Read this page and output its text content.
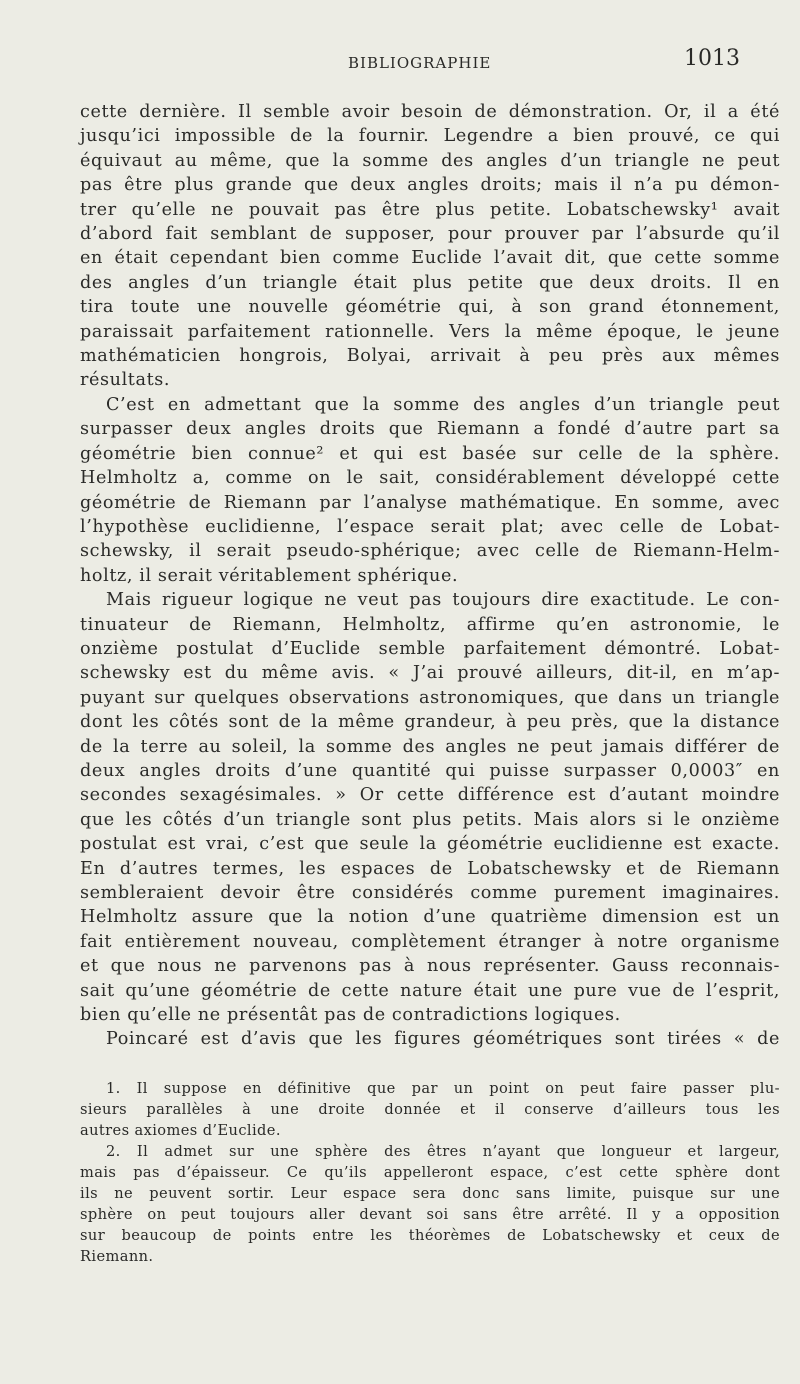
BIBLIOGRAPHIE	1013
cette dernière. Il semble avoir besoin de démonstration. Or, il a été
jusqu’ici impossible de la fournir. Legendre a bien prouvé, ce qui
équivaut au même, que la somme des angles d’un triangle ne peut
pas être plus grande que deux angles droits; mais il n’a pu démon-
trer qu’elle ne pouvait pas être plus petite. Lobatschewsky¹ avait
d’abord fait semblant de supposer, pour prouver par l’absurde qu’il
en était cependant bien comme Euclide l’avait dit, que cette somme
des angles d’un triangle était plus petite que deux droits. Il en
tira toute une nouvelle géométrie qui, à son grand étonnement,
paraissait parfaitement rationnelle. Vers la même époque, le jeune
mathématicien hongrois, Bolyai, arrivait à peu près aux mêmes
résultats.
C’est en admettant que la somme des angles d’un triangle peut
surpasser deux angles droits que Riemann a fondé d’autre part sa
géométrie bien connue² et qui est basée sur celle de la sphère.
Helmholtz a, comme on le sait, considérablement développé cette
géométrie de Riemann par l’analyse mathématique. En somme, avec
l’hypothèse euclidienne, l’espace serait plat; avec celle de Lobat-
schewsky, il serait pseudo-sphérique; avec celle de Riemann-Helm-
holtz, il serait véritablement sphérique.
Mais rigueur logique ne veut pas toujours dire exactitude. Le con-
tinuateur de Riemann, Helmholtz, affirme qu’en astronomie, le
onzième postulat d’Euclide semble parfaitement démontré. Lobat-
schewsky est du même avis. « J’ai prouvé ailleurs, dit-il, en m’ap-
puyant sur quelques observations astronomiques, que dans un triangle
dont les côtés sont de la même grandeur, à peu près, que la distance
de la terre au soleil, la somme des angles ne peut jamais différer de
deux angles droits d’une quantité qui puisse surpasser 0,0003″ en
secondes sexagésimales. » Or cette différence est d’autant moindre
que les côtés d’un triangle sont plus petits. Mais alors si le onzième
postulat est vrai, c’est que seule la géométrie euclidienne est exacte.
En d’autres termes, les espaces de Lobatschewsky et de Riemann
sembleraient devoir être considérés comme purement imaginaires.
Helmholtz assure que la notion d’une quatrième dimension est un
fait entièrement nouveau, complètement étranger à notre organisme
et que nous ne parvenons pas à nous représenter. Gauss reconnais-
sait qu’une géométrie de cette nature était une pure vue de l’esprit,
bien qu’elle ne présentât pas de contradictions logiques.
Poincaré est d’avis que les figures géométriques sont tirées « de
1. Il suppose en définitive que par un point on peut faire passer plu-
sieurs parallèles à une droite donnée et il conserve d’ailleurs tous les
autres axiomes d’Euclide.
2. Il admet sur une sphère des êtres n’ayant que longueur et largeur,
mais pas d’épaisseur. Ce qu’ils appelleront espace, c’est cette sphère dont
ils ne peuvent sortir. Leur espace sera donc sans limite, puisque sur une
sphère on peut toujours aller devant soi sans être arrêté. Il y a opposition
sur beaucoup de points entre les théorèmes de Lobatschewsky et ceux de
Riemann.
